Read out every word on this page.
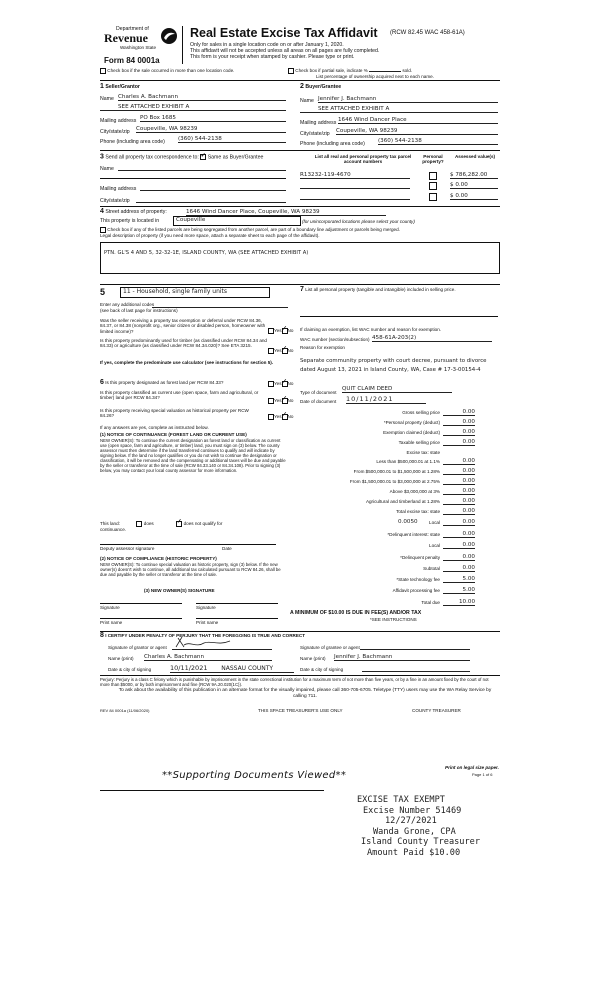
Department of
Revenue
Washington State
Form 84 0001a
Real Estate Excise Tax Affidavit (RCW 82.45 WAC 458-61A)
Only for sales in a single location code on or after January 1, 2020.
This affidavit will not be accepted unless all areas on all pages are fully completed.
This form is your receipt when stamped by cashier. Please type or print.
Check box if the sale occurred in more than one location code.	Check box if partial sale, indicate %	sold.
List percentage of ownership acquired next to each name.
1 Seller/Grantor
Name Charles A. Bachmann
SEE ATTACHED EXHIBIT A
Mailing address PO Box 1685
City/state/zip Coupeville, WA 98239
Phone (including area code) (360) 544-2138
2 Buyer/Grantee
Name Jennifer J. Bachmann
SEE ATTACHED EXHIBIT A
Mailing address 1646 Wind Dancer Place
City/state/zip Coupeville, WA 98239
Phone (including area code) (360) 544-2138
3 Send all property tax correspondence to: ✓ Same as Buyer/Grantee
Name
Mailing address
City/state/zip
List all real and personal property tax parcel account numbers
Personal property?
Assessed value(s)
R13232-119-4670	$ 786,282.00
$ 0.00
$ 0.00
4 Street address of property:	1646 Wind Dancer Place, Coupeville, WA 98239
This property is located in	Coupeville	(for unincorporated locations please select your county)
Check box if any of the listed parcels are being segregated from another parcel, are part of a boundary line adjustment or parcels being merged.
Legal description of property (if you need more space, attach a separate sheet to each page of the affidavit).
PTN. GL'S 4 AND 5, 32-32-1E, ISLAND COUNTY, WA (SEE ATTACHED EXHIBIT A)
5	11 - Household, single family units
Enter any additional codes
(see back of last page for instructions)
Was the seller receiving a property tax exemption or deferral under RCW 84.36, 84.37, or 84.38 (nonprofit org., senior citizen or disabled person, homeowner with limited income)?	Yes ✓ No
Is this property predominantly used for timber (as classified under RCW 84.34 and 84.33) or agriculture (as classified under RCW 84.34.020)? See ETA 3215.
Yes ✓ No
If yes, complete the predominate use calculator (see instructions for section 5).
6 Is this property designated as forest land per RCW 84.33?	Yes ✓ No
Is this property classified as current use (open space, farm and agricultural, or timber) land per RCW 84.34?
Yes ✓ No
Is this property receiving special valuation as historical property per RCW 84.26?	Yes ✓ No
If any answers are yes, complete as instructed below.
(1) NOTICE OF CONTINUANCE (FOREST LAND OR CURRENT USE)
NEW OWNER(S): To continue the current designation as forest land or classification as current use (open space, farm and agriculture, or timber) land, you must sign on (3) below. The county assessor must then determine if the land transferred continues to qualify and will indicate by signing below. If the land no longer qualifies or you do not wish to continue the designation or classification, it will be removed and the compensating or additional taxes will be due and payable by the seller or transferor at the time of sale (RCW 84.33.140 or 84.34.108). Prior to signing (3) below, you may contact your local county assessor for more information.
This land:	does ✓	does not qualify for
continuance.
Deputy assessor signature	Date
(2) NOTICE OF COMPLIANCE (HISTORIC PROPERTY)
NEW OWNER(S): To continue special valuation as historic property, sign (3) below. If the new owner(s) doesn't wish to continue, all additional tax calculated pursuant to RCW 84.26, shall be due and payable by the seller or transferor at the time of sale.
(3) NEW OWNER(S) SIGNATURE
Signature	Signature
Print name	Print name
7 List all personal property (tangible and intangible) included in selling price.
If claiming an exemption, list WAC number and reason for exemption.
WAC number (section/subsection) 458-61A-203(2)
Reason for exemption
Separate community property with court decree, pursuant to divorce dated August 13, 2021 in Island County, WA, Case # 17-3-00154-4
Type of document
QUIT CLAIM DEED
Date of document 10/11/2021
Gross selling price	0.00
*Personal property (deduct)	0.00
Exemption claimed (deduct)	0.00
Taxable selling price	0.00
Excise tax: state
Less than $500,000.01 at 1.1%	0.00
From $500,000.01 to $1,500,000 at 1.28%	0.00
From $1,500,000.01 to $3,000,000 at 2.75%	0.00
Above $3,000,000 at 3%	0.00
Agricultural and timberland at 1.28%	0.00
Total excise tax: state	0.00
0.0050	Local	0.00
*Delinquent interest: state	0.00
Local	0.00
*Delinquent penalty	0.00
Subtotal	0.00
*State technology fee	5.00
Affidavit processing fee	5.00
Total due	10.00
A MINIMUM OF $10.00 IS DUE IN FEE(S) AND/OR TAX
*SEE INSTRUCTIONS
8 I CERTIFY UNDER PENALTY OF PERJURY THAT THE FOREGOING IS TRUE AND CORRECT
Signature of grantor or agent	Signature of grantee or agent
Name (print) Charles A. Bachmann	Name (print) Jennifer J. Bachmann
Date & city of signing	10/11/2021 NASSAU COUNTY	Date & city of signing
Perjury: Perjury is a class C felony which is punishable by imprisonment in the state correctional institution for a maximum term of not more than five years, or by a fine in an amount fixed by the court of not more than $5000, or by both imprisonment and fine (RCW 9A.20.020(1C)).
To ask about the availability of this publication in an alternate format for the visually impaired, please call 360-705-6705. Teletype (TTY) users may use the WA Relay Service by calling 711.
REV 84 0001a (11/06/2020)	THIS SPACE TREASURER'S USE ONLY	COUNTY TREASURER
Print on legal size paper.
Page 1 of 6
**Supporting Documents Viewed**
EXCISE TAX EXEMPT
Excise Number 51469
12/27/2021
Wanda Grone, CPA
Island County Treasurer
Amount Paid $10.00
